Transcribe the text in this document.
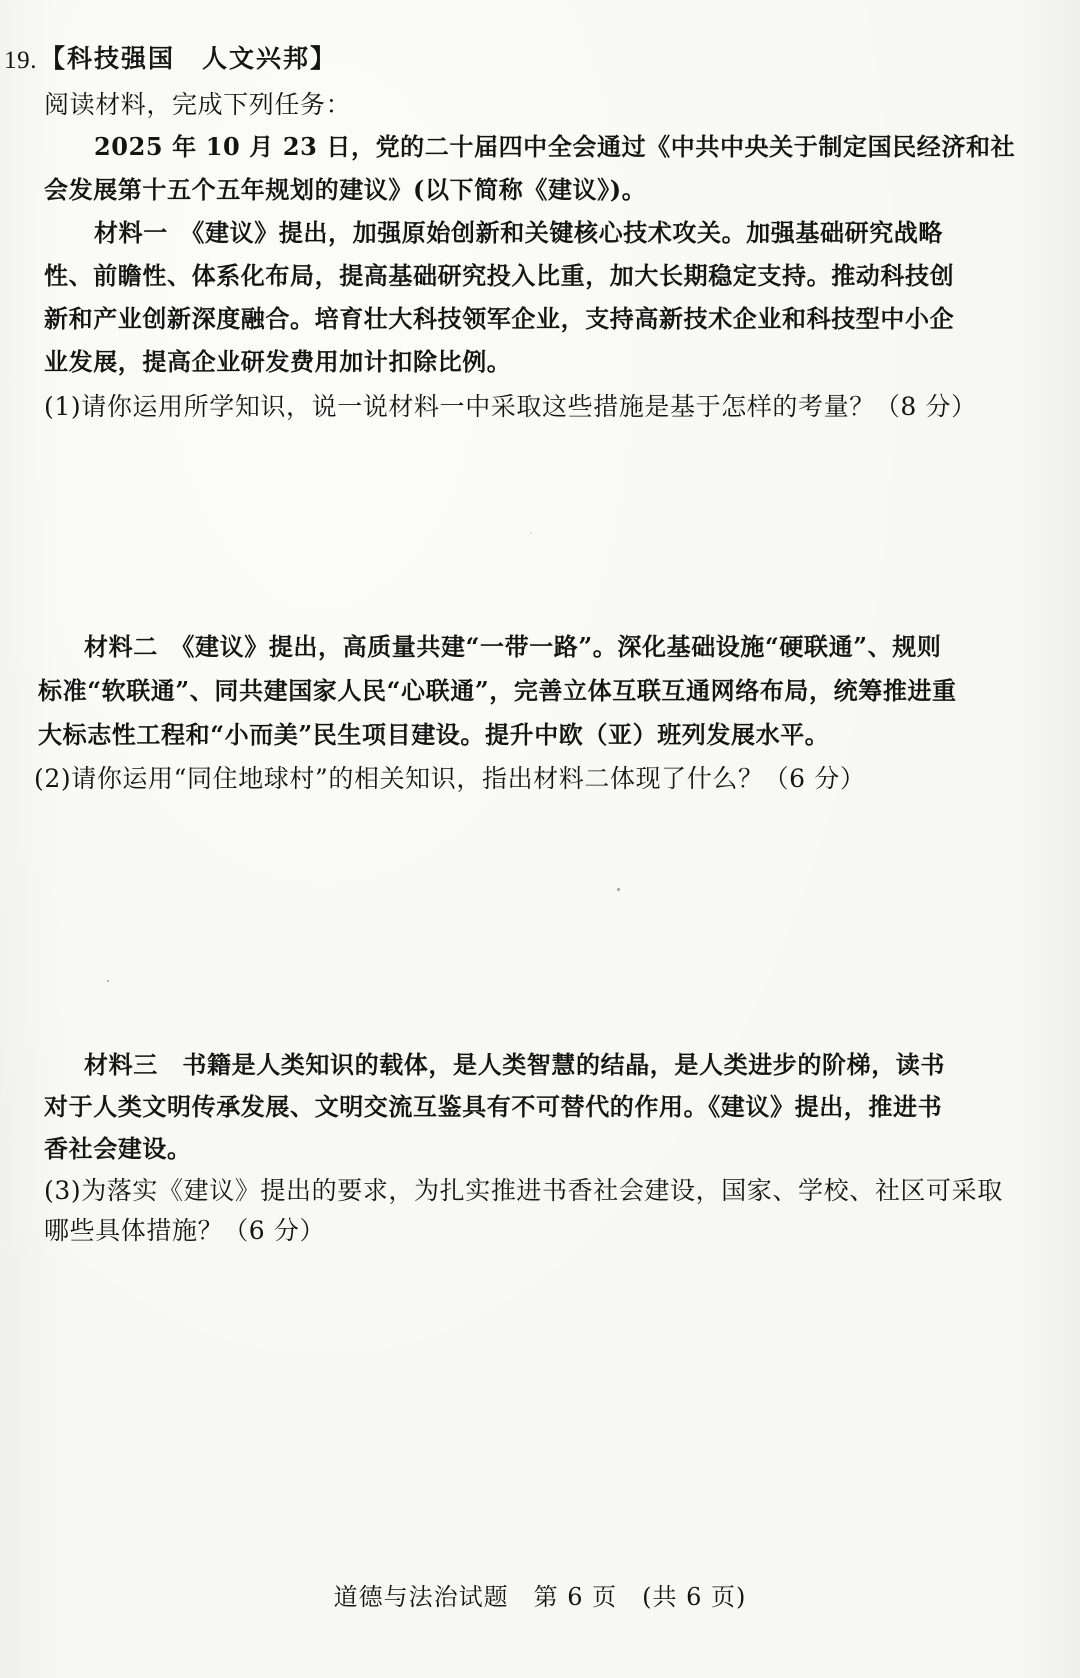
19. 【科技强国　人文兴邦】
阅读材料，完成下列任务：
2025 年 10 月 23 日，党的二十届四中全会通过《中共中央关于制定国民经济和社
会发展第十五个五年规划的建议》(以下简称《建议》)。
材料一　《建议》提出，加强原始创新和关键核心技术攻关。加强基础研究战略
性、前瞻性、体系化布局，提高基础研究投入比重，加大长期稳定支持。推动科技创
新和产业创新深度融合。培育壮大科技领军企业，支持高新技术企业和科技型中小企
业发展，提高企业研发费用加计扣除比例。
(1)请你运用所学知识，说一说材料一中采取这些措施是基于怎样的考量？（8 分）
材料二　《建议》提出，高质量共建“一带一路”。深化基础设施“硬联通”、规则
标准“软联通”、同共建国家人民“心联通”，完善立体互联互通网络布局，统筹推进重
大标志性工程和“小而美”民生项目建设。提升中欧（亚）班列发展水平。
(2)请你运用“同住地球村”的相关知识，指出材料二体现了什么？（6 分）
材料三　书籍是人类知识的载体，是人类智慧的结晶，是人类进步的阶梯，读书
对于人类文明传承发展、文明交流互鉴具有不可替代的作用。《建议》提出，推进书
香社会建设。
(3)为落实《建议》提出的要求，为扎实推进书香社会建设，国家、学校、社区可采取
哪些具体措施？（6 分）
道德与法治试题　第 6 页　(共 6 页)
